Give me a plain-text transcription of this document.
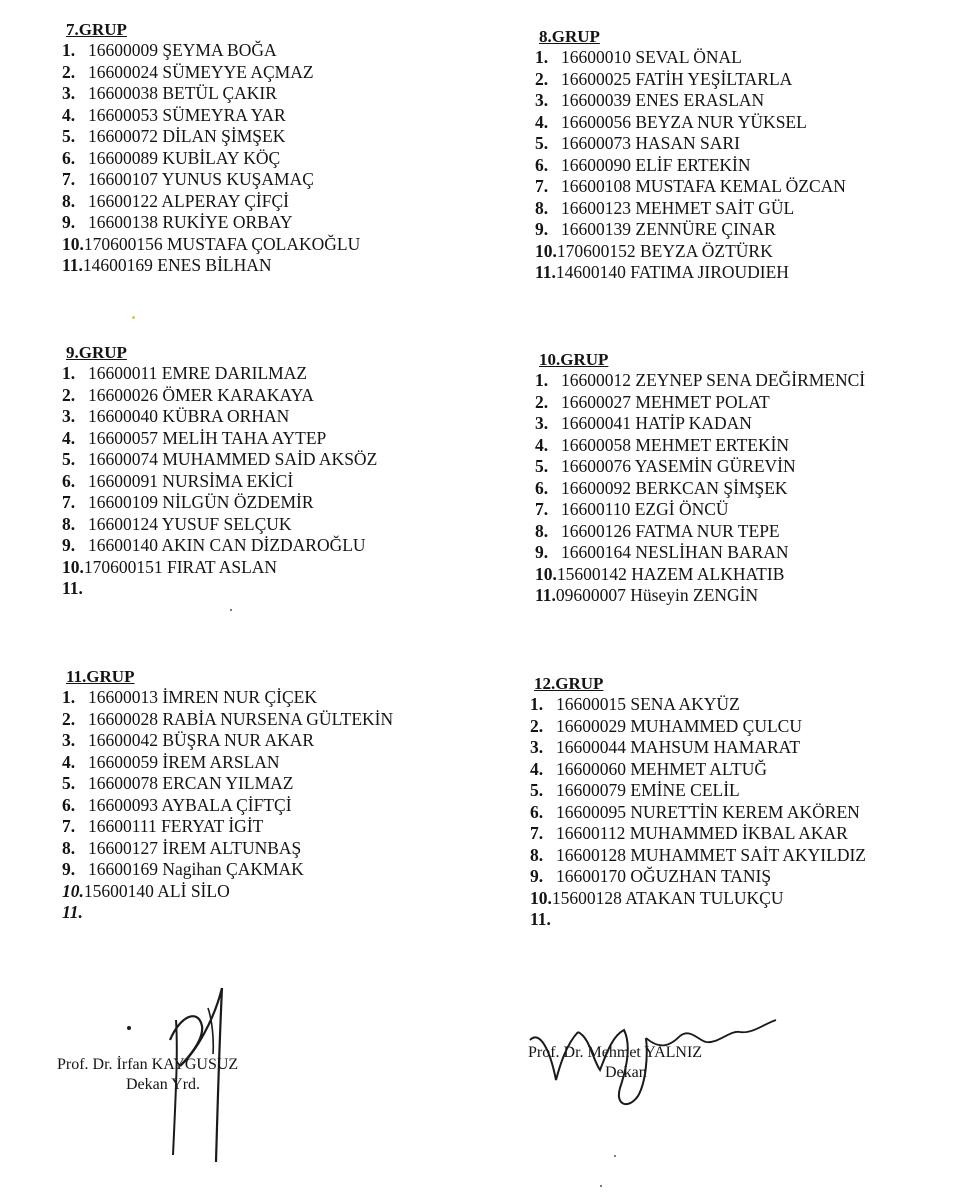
7.GRUP
1. 16600009 ŞEYMA BOĞA
2. 16600024 SÜMEYYE AÇMAZ
3. 16600038 BETÜL ÇAKIR
4. 16600053 SÜMEYRA YAR
5. 16600072 DİLAN ŞİMŞEK
6. 16600089 KUBİLAY KÖÇ
7. 16600107 YUNUS KUŞAMAÇ
8. 16600122 ALPERAY ÇİFÇİ
9. 16600138 RUKİYE ORBAY
10.170600156 MUSTAFA ÇOLAKOĞLU
11.14600169 ENES BİLHAN
8.GRUP
1. 16600010 SEVAL ÖNAL
2. 16600025 FATİH YEŞİLTARLA
3. 16600039 ENES ERASLAN
4. 16600056 BEYZA NUR YÜKSEL
5. 16600073 HASAN SARI
6. 16600090 ELİF ERTEKİN
7. 16600108 MUSTAFA KEMAL ÖZCAN
8. 16600123 MEHMET SAİT GÜL
9. 16600139 ZENNÜRE ÇINAR
10.170600152 BEYZA ÖZTÜRK
11.14600140 FATIMA JIROUDIEH
9.GRUP
1. 16600011 EMRE DARILMAZ
2. 16600026 ÖMER KARAKAYA
3. 16600040 KÜBRA ORHAN
4. 16600057 MELİH TAHA AYTEP
5. 16600074 MUHAMMED SAİD AKSÖZ
6. 16600091 NURSİMA EKİCİ
7. 16600109 NİLGÜN ÖZDEMİR
8. 16600124 YUSUF SELÇUK
9. 16600140 AKIN CAN DİZDAROĞLU
10.170600151 FIRAT ASLAN
11.
10.GRUP
1. 16600012 ZEYNEP SENA DEĞİRMENCİ
2. 16600027 MEHMET POLAT
3. 16600041 HATİP KADAN
4. 16600058 MEHMET ERTEKİN
5. 16600076 YASEMİN GÜREVİN
6. 16600092 BERKCAN ŞİMŞEK
7. 16600110 EZGİ ÖNCÜ
8. 16600126 FATMA NUR TEPE
9. 16600164 NESLİHAN BARAN
10.15600142 HAZEM ALKHATIB
11.09600007 Hüseyin ZENGİN
11.GRUP
1. 16600013 İMREN NUR ÇİÇEK
2. 16600028 RABİA NURSENA GÜLTEKİN
3. 16600042 BÜŞRA NUR AKAR
4. 16600059 İREM ARSLAN
5. 16600078 ERCAN YILMAZ
6. 16600093 AYBALA ÇİFTÇİ
7. 16600111 FERYAT İGİT
8. 16600127 İREM ALTUNBAŞ
9. 16600169 Nagihan ÇAKMAK
10.15600140 ALİ SİLO
11.
12.GRUP
1. 16600015 SENA AKYÜZ
2. 16600029 MUHAMMED ÇULCU
3. 16600044 MAHSUM HAMARAT
4. 16600060 MEHMET ALTUĞ
5. 16600079 EMİNE CELİL
6. 16600095 NURETTİN KEREM AKÖREN
7. 16600112 MUHAMMED İKBAL AKAR
8. 16600128 MUHAMMET SAİT AKYILDIZ
9. 16600170 OĞUZHAN TANIŞ
10.15600128 ATAKAN TULUKÇU
11.
Prof. Dr. İrfan KAYGUSUZ
Dekan Yrd.
Prof. Dr. Mehmet YALNIZ
Dekan
